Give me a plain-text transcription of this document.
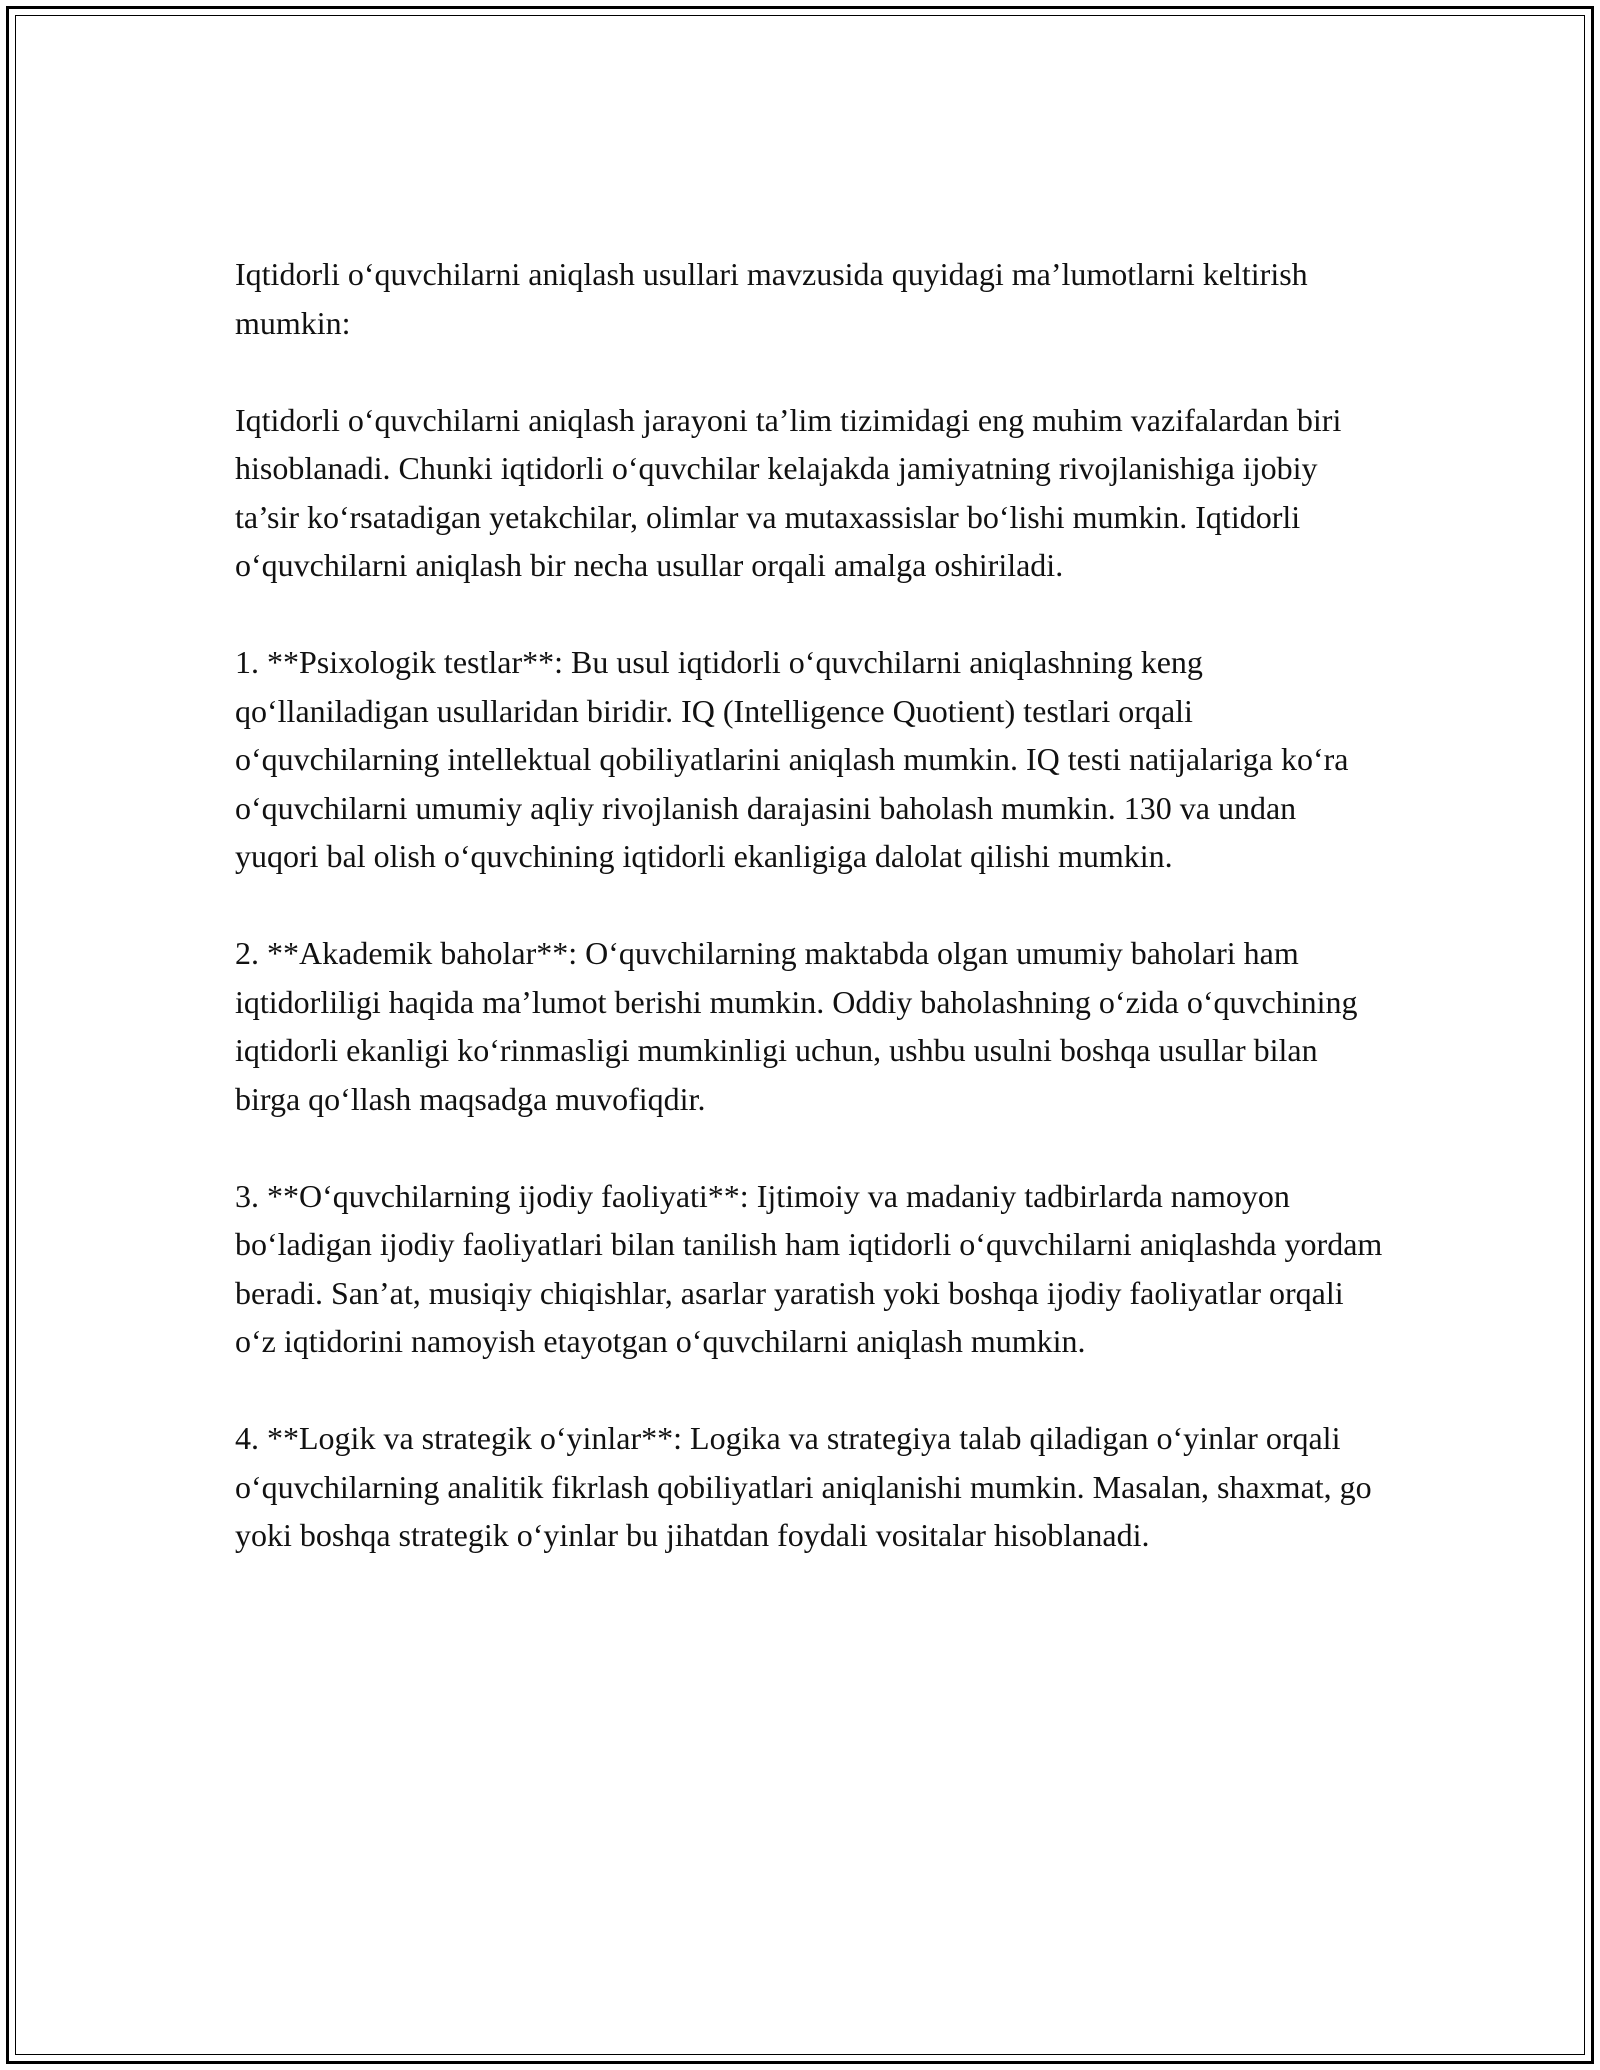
Iqtidorli o‘quvchilarni aniqlash usullari mavzusida quyidagi ma’lumotlarni keltirish mumkin:

Iqtidorli o‘quvchilarni aniqlash jarayoni ta’lim tizimidagi eng muhim vazifalardan biri hisoblanadi. Chunki iqtidorli o‘quvchilar kelajakda jamiyatning rivojlanishiga ijobiy ta’sir ko‘rsatadigan yetakchilar, olimlar va mutaxassislar bo‘lishi mumkin. Iqtidorli o‘quvchilarni aniqlash bir necha usullar orqali amalga oshiriladi.

1. **Psixologik testlar**: Bu usul iqtidorli o‘quvchilarni aniqlashning keng qo‘llaniladigan usullaridan biridir. IQ (Intelligence Quotient) testlari orqali o‘quvchilarning intellektual qobiliyatlarini aniqlash mumkin. IQ testi natijalariga ko‘ra o‘quvchilarni umumiy aqliy rivojlanish darajasini baholash mumkin. 130 va undan yuqori bal olish o‘quvchining iqtidorli ekanligiga dalolat qilishi mumkin.

2. **Akademik baholar**: O‘quvchilarning maktabda olgan umumiy baholari ham iqtidorliligi haqida ma’lumot berishi mumkin. Oddiy baholashning o‘zida o‘quvchining iqtidorli ekanligi ko‘rinmasligi mumkinligi uchun, ushbu usulni boshqa usullar bilan birga qo‘llash maqsadga muvofiqdir.

3. **O‘quvchilarning ijodiy faoliyati**: Ijtimoiy va madaniy tadbirlarda namoyon bo‘ladigan ijodiy faoliyatlari bilan tanilish ham iqtidorli o‘quvchilarni aniqlashda yordam beradi. San’at, musiqiy chiqishlar, asarlar yaratish yoki boshqa ijodiy faoliyatlar orqali o‘z iqtidorini namoyish etayotgan o‘quvchilarni aniqlash mumkin.

4. **Logik va strategik o‘yinlar**: Logika va strategiya talab qiladigan o‘yinlar orqali o‘quvchilarning analitik fikrlash qobiliyatlari aniqlanishi mumkin. Masalan, shaxmat, go yoki boshqa strategik o‘yinlar bu jihatdan foydali vositalar hisoblanadi.
